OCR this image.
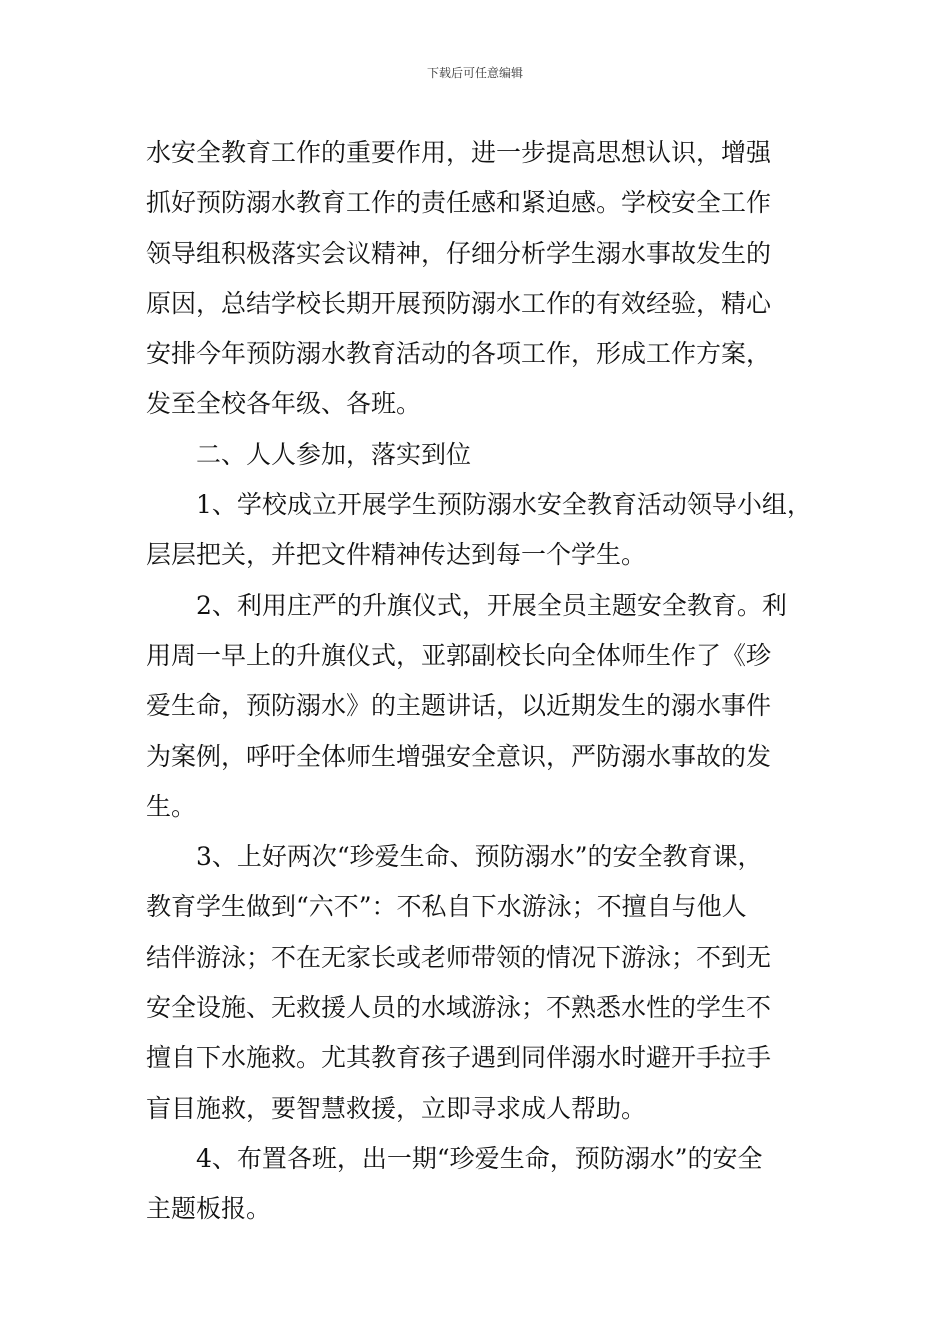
下载后可任意编辑
水安全教育工作的重要作用，进一步提高思想认识，增强
抓好预防溺水教育工作的责任感和紧迫感。学校安全工作
领导组积极落实会议精神，仔细分析学生溺水事故发生的
原因，总结学校长期开展预防溺水工作的有效经验，精心
安排今年预防溺水教育活动的各项工作，形成工作方案，
发至全校各年级、各班。
二、人人参加，落实到位
1、学校成立开展学生预防溺水安全教育活动领导小组，
层层把关，并把文件精神传达到每一个学生。
2、利用庄严的升旗仪式，开展全员主题安全教育。利
用周一早上的升旗仪式，亚郭副校长向全体师生作了《珍
爱生命，预防溺水》的主题讲话，以近期发生的溺水事件
为案例，呼吁全体师生增强安全意识，严防溺水事故的发
生。
3、上好两次“珍爱生命、预防溺水”的安全教育课，
教育学生做到“六不”：不私自下水游泳；不擅自与他人
结伴游泳；不在无家长或老师带领的情况下游泳；不到无
安全设施、无救援人员的水域游泳；不熟悉水性的学生不
擅自下水施救。尤其教育孩子遇到同伴溺水时避开手拉手
盲目施救，要智慧救援，立即寻求成人帮助。
4、布置各班，出一期“珍爱生命，预防溺水”的安全
主题板报。
